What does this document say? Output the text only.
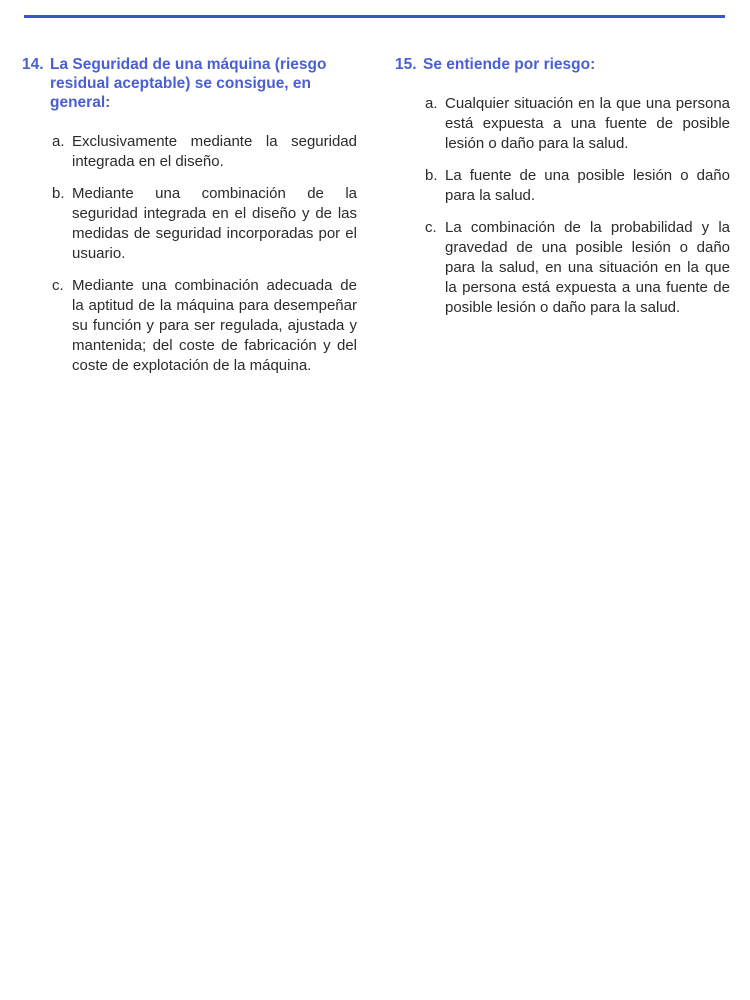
14. La Seguridad de una máquina (riesgo residual aceptable) se consigue, en general:
a. Exclusivamente mediante la seguridad integrada en el diseño.
b. Mediante una combinación de la seguridad integrada en el diseño y de las medidas de seguridad incorporadas por el usuario.
c. Mediante una combinación adecuada de la aptitud de la máquina para desempeñar su función y para ser regulada, ajustada y mantenida; del coste de fabricación y del coste de explotación de la máquina.
15. Se entiende por riesgo:
a. Cualquier situación en la que una persona está expuesta a una fuente de posible lesión o daño para la salud.
b. La fuente de una posible lesión o daño para la salud.
c. La combinación de la probabilidad y la gravedad de una posible lesión o daño para la salud, en una situación en la que la persona está expuesta a una fuente de posible lesión o daño para la salud.
